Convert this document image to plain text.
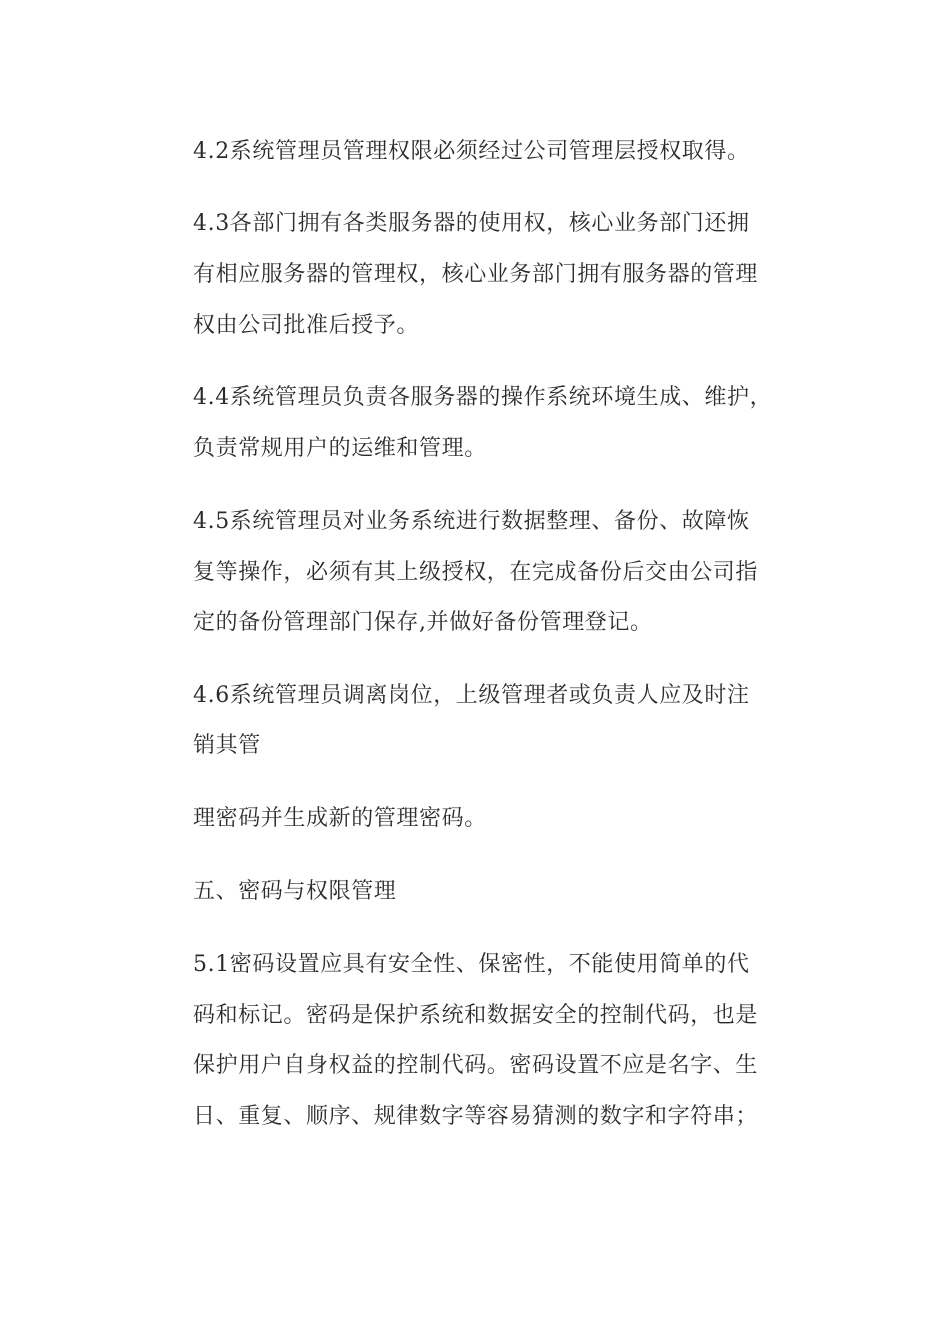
4.2系统管理员管理权限必须经过公司管理层授权取得。
4.3各部门拥有各类服务器的使用权，核心业务部门还拥
有相应服务器的管理权，核心业务部门拥有服务器的管理
权由公司批准后授予。
4.4系统管理员负责各服务器的操作系统环境生成、维护，
负责常规用户的运维和管理。
4.5系统管理员对业务系统进行数据整理、备份、故障恢
复等操作，必须有其上级授权，在完成备份后交由公司指
定的备份管理部门保存,并做好备份管理登记。
4.6系统管理员调离岗位，上级管理者或负责人应及时注
销其管
理密码并生成新的管理密码。
五、密码与权限管理
5.1密码设置应具有安全性、保密性，不能使用简单的代
码和标记。密码是保护系统和数据安全的控制代码，也是
保护用户自身权益的控制代码。密码设置不应是名字、生
日、重复、顺序、规律数字等容易猜测的数字和字符串；
